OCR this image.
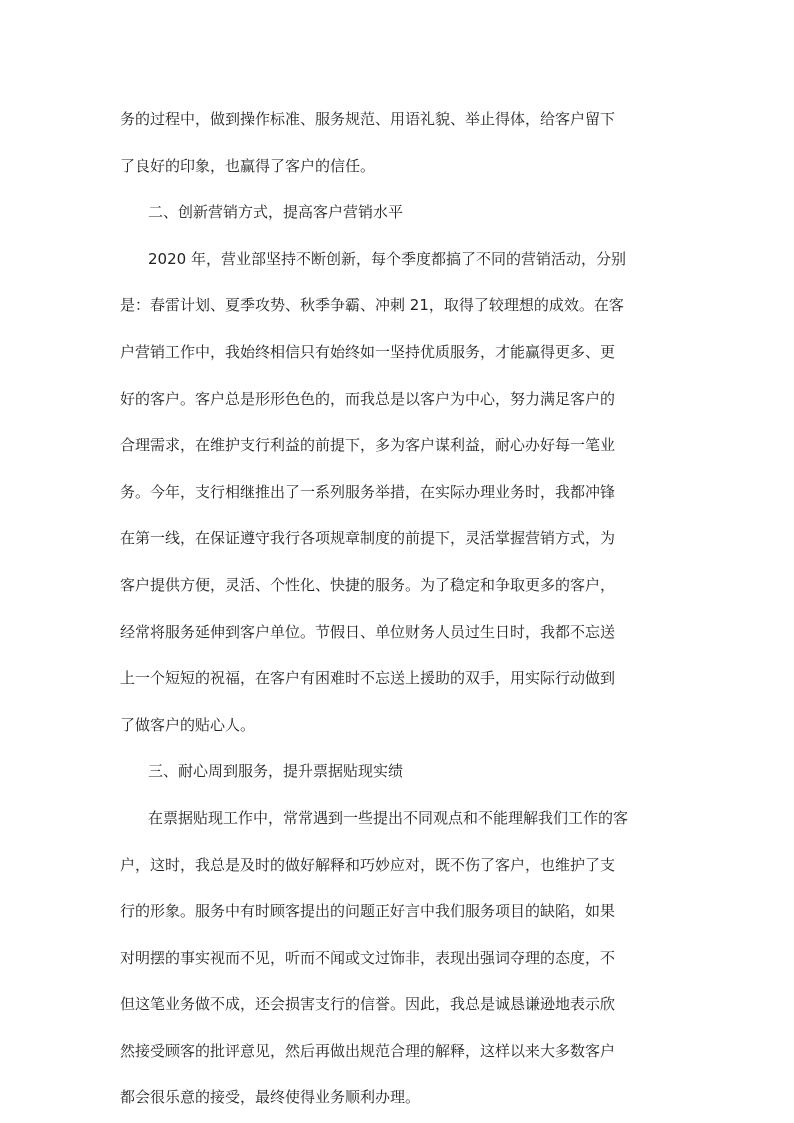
务的过程中，做到操作标准、服务规范、用语礼貌、举止得体，给客户留下
了良好的印象，也赢得了客户的信任。
二、创新营销方式，提高客户营销水平
2020 年，营业部坚持不断创新，每个季度都搞了不同的营销活动，分别
是：春雷计划、夏季攻势、秋季争霸、冲刺 21，取得了较理想的成效。在客
户营销工作中，我始终相信只有始终如一坚持优质服务，才能赢得更多、更
好的客户。客户总是形形色色的，而我总是以客户为中心，努力满足客户的
合理需求，在维护支行利益的前提下，多为客户谋利益，耐心办好每一笔业
务。今年，支行相继推出了一系列服务举措，在实际办理业务时，我都冲锋
在第一线，在保证遵守我行各项规章制度的前提下，灵活掌握营销方式，为
客户提供方便，灵活、个性化、快捷的服务。为了稳定和争取更多的客户，
经常将服务延伸到客户单位。节假日、单位财务人员过生日时，我都不忘送
上一个短短的祝福，在客户有困难时不忘送上援助的双手，用实际行动做到
了做客户的贴心人。
三、耐心周到服务，提升票据贴现实绩
在票据贴现工作中，常常遇到一些提出不同观点和不能理解我们工作的客
户，这时，我总是及时的做好解释和巧妙应对，既不伤了客户，也维护了支
行的形象。服务中有时顾客提出的问题正好言中我们服务项目的缺陷，如果
对明摆的事实视而不见，听而不闻或文过饰非，表现出强词夺理的态度，不
但这笔业务做不成，还会损害支行的信誉。因此，我总是诚恳谦逊地表示欣
然接受顾客的批评意见，然后再做出规范合理的解释，这样以来大多数客户
都会很乐意的接受，最终使得业务顺利办理。
